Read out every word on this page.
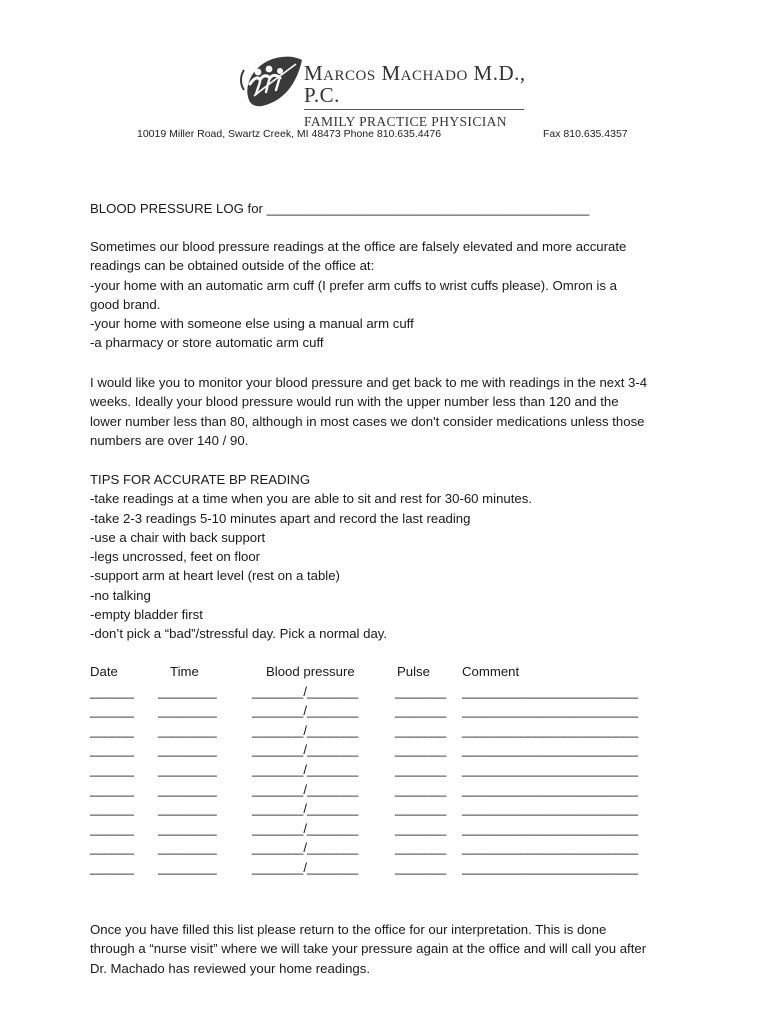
Marcos Machado M.D., P.C.
FAMILY PRACTICE PHYSICIAN
10019 Miller Road, Swartz Creek, MI 48473 Phone 810.635.4476	Fax 810.635.4357
BLOOD PRESSURE LOG for ____________________________________________
Sometimes our blood pressure readings at the office are falsely elevated and more accurate
readings can be obtained outside of the office at:
-your home with an automatic arm cuff (I prefer arm cuffs to wrist cuffs please). Omron is a
good brand.
-your home with someone else using a manual arm cuff
-a pharmacy or store automatic arm cuff
I would like you to monitor your blood pressure and get back to me with readings in the next 3-4
weeks. Ideally your blood pressure would run with the upper number less than 120 and the
lower number less than 80, although in most cases we don't consider medications unless those
numbers are over 140 / 90.
TIPS FOR ACCURATE BP READING
-take readings at a time when you are able to sit and rest for 30-60 minutes.
-take 2-3 readings 5-10 minutes apart and record the last reading
-use a chair with back support
-legs uncrossed, feet on floor
-support arm at heart level (rest on a table)
-no talking
-empty bladder first
-don’t pick a “bad”/stressful day. Pick a normal day.
Date	Time	Blood pressure	Pulse Comment
______ ________	_______/_______	_______ ________________________
______ ________	_______/_______	_______ ________________________
______ ________	_______/_______	_______ ________________________
______ ________	_______/_______	_______ ________________________
______ ________	_______/_______	_______ ________________________
______ ________	_______/_______	_______ ________________________
______ ________	_______/_______	_______ ________________________
______ ________	_______/_______	_______ ________________________
______ ________	_______/_______	_______ ________________________
______ ________	_______/_______	_______ ________________________
Once you have filled this list please return to the office for our interpretation. This is done
through a “nurse visit” where we will take your pressure again at the office and will call you after
Dr. Machado has reviewed your home readings.
